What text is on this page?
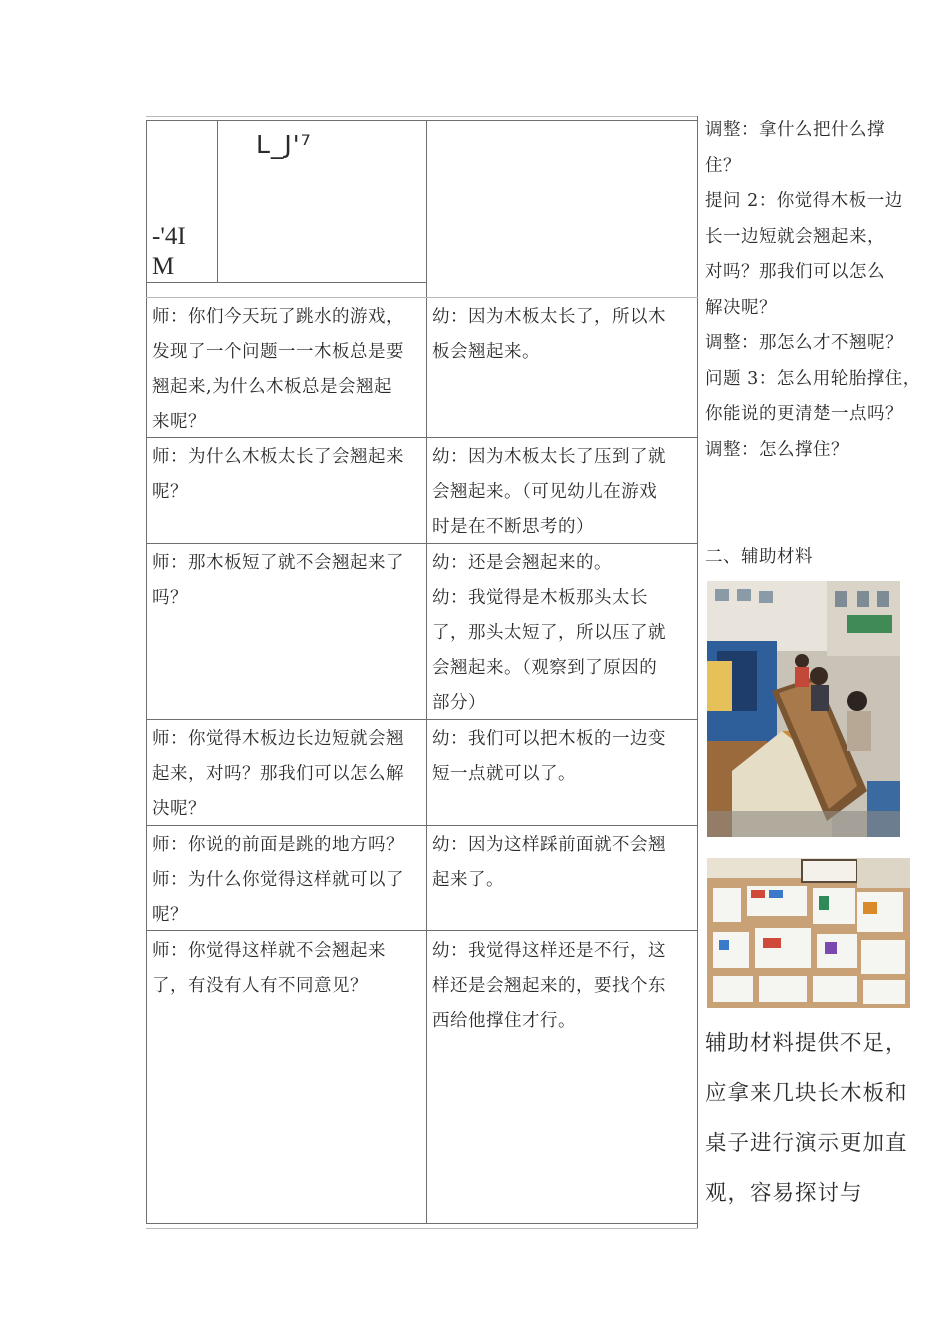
L_J'⁷
-'4I
M
师：你们今天玩了跳水的游戏，
发现了一个问题一一木板总是要
翘起来,为什么木板总是会翘起
来呢？
幼：因为木板太长了，所以木
板会翘起来。
师：为什么木板太长了会翘起来
呢？
幼：因为木板太长了压到了就
会翘起来。（可见幼儿在游戏
时是在不断思考的）
师：那木板短了就不会翘起来了
吗？
幼：还是会翘起来的。
幼：我觉得是木板那头太长
了，那头太短了，所以压了就
会翘起来。（观察到了原因的
部分）
师：你觉得木板边长边短就会翘
起来，对吗？那我们可以怎么解
决呢？
幼：我们可以把木板的一边变
短一点就可以了。
师：你说的前面是跳的地方吗？
师：为什么你觉得这样就可以了
呢？
幼：因为这样踩前面就不会翘
起来了。
师：你觉得这样就不会翘起来
了，有没有人有不同意见？
幼：我觉得这样还是不行，这
样还是会翘起来的，要找个东
西给他撑住才行。
调整：拿什么把什么撑
住？
提问 2：你觉得木板一边
长一边短就会翘起来，
对吗？那我们可以怎么
解决呢？
调整：那怎么才不翘呢？
问题 3：怎么用轮胎撑住，
你能说的更清楚一点吗？
调整：怎么撑住？
二、辅助材料
辅助材料提供不足，
应拿来几块长木板和
桌子进行演示更加直
观，容易探讨与
